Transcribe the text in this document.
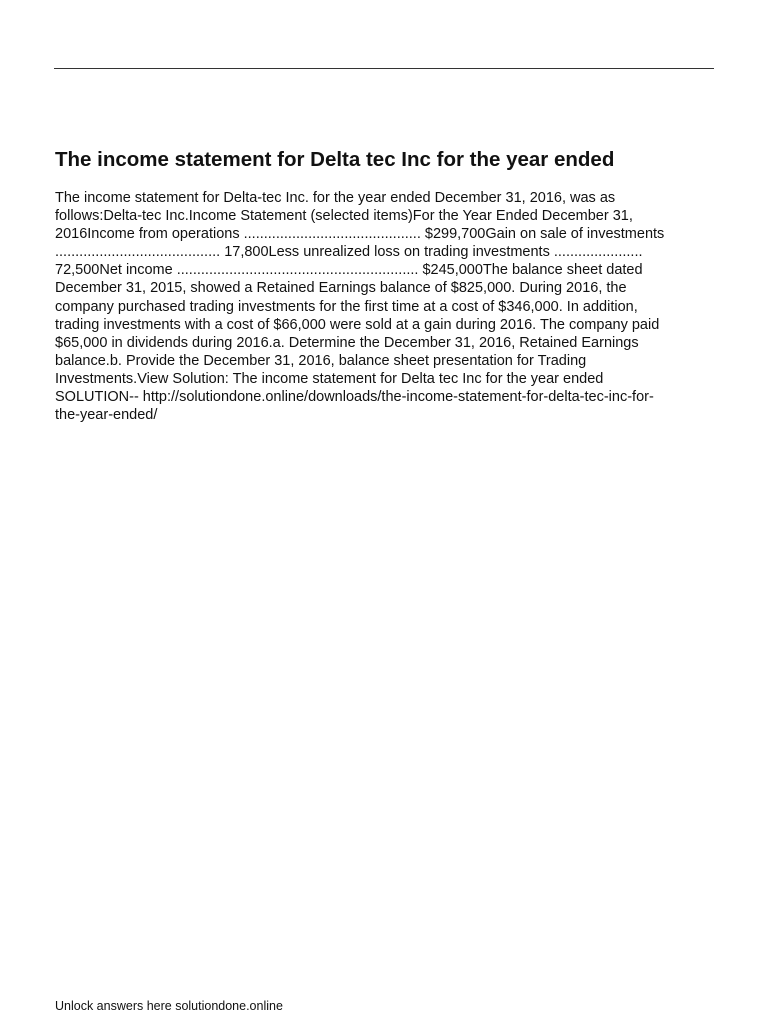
The income statement for Delta tec Inc for the year ended
The income statement for Delta-tec Inc. for the year ended December 31, 2016, was as
follows:Delta-tec Inc.Income Statement (selected items)For the Year Ended December 31,
2016Income from operations ............................................ $299,700Gain on sale of investments
......................................... 17,800Less unrealized loss on trading investments ......................
72,500Net income ............................................................ $245,000The balance sheet dated
December 31, 2015, showed a Retained Earnings balance of $825,000. During 2016, the
company purchased trading investments for the first time at a cost of $346,000. In addition,
trading investments with a cost of $66,000 were sold at a gain during 2016. The company paid
$65,000 in dividends during 2016.a. Determine the December 31, 2016, Retained Earnings
balance.b. Provide the December 31, 2016, balance sheet presentation for Trading
Investments.View Solution: The income statement for Delta tec Inc for the year ended
SOLUTION-- http://solutiondone.online/downloads/the-income-statement-for-delta-tec-inc-for-
the-year-ended/

Unlock answers here solutiondone.online
